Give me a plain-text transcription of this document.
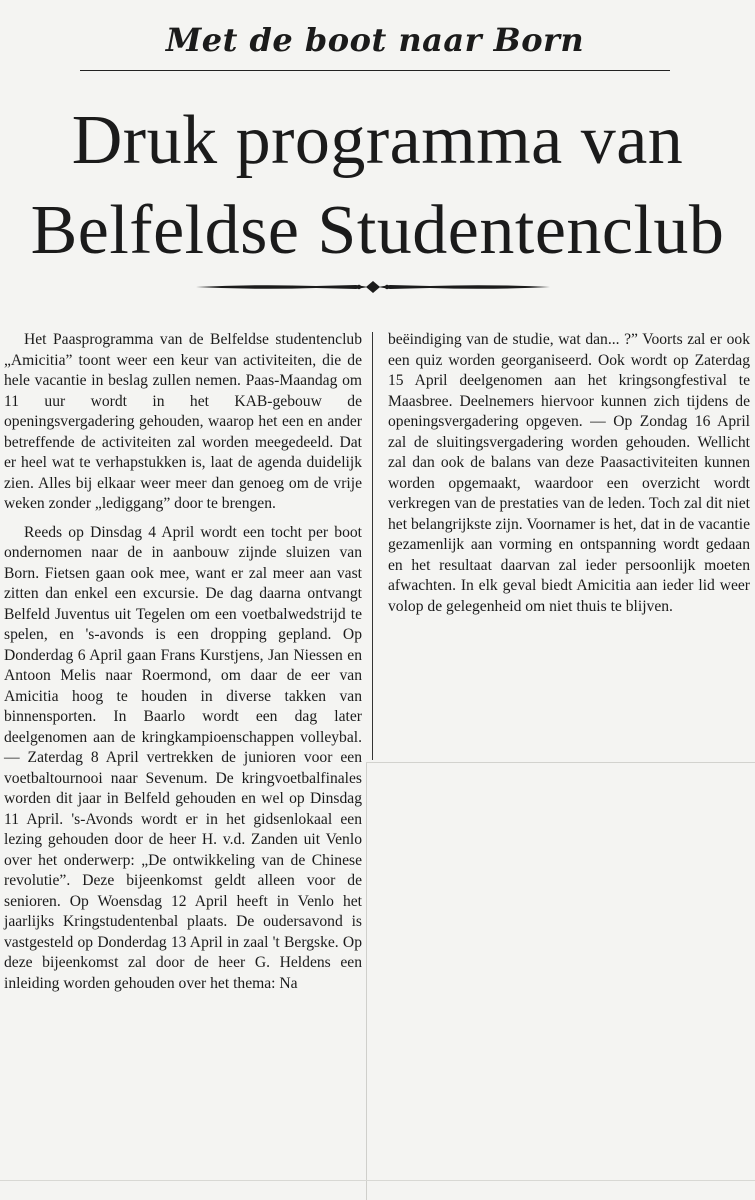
Met de boot naar Born
Druk programma van Belfeldse Studentenclub

Het Paasprogramma van de Belfeldse studentenclub „Amicitia” toont weer een keur van activiteiten, die de hele vacantie in beslag zullen nemen. Paas-Maandag om 11 uur wordt in het KAB-gebouw de openingsvergadering gehouden, waarop het een en ander betreffende de activiteiten zal worden meegedeeld. Dat er heel wat te verhapstukken is, laat de agenda duidelijk zien. Alles bij elkaar weer meer dan genoeg om de vrije weken zonder „lediggang” door te brengen.

Reeds op Dinsdag 4 April wordt een tocht per boot ondernomen naar de in aanbouw zijnde sluizen van Born. Fietsen gaan ook mee, want er zal meer aan vast zitten dan enkel een excursie. De dag daarna ontvangt Belfeld Juventus uit Tegelen om een voetbalwedstrijd te spelen, en 's-avonds is een dropping gepland. Op Donderdag 6 April gaan Frans Kurstjens, Jan Niessen en Antoon Melis naar Roermond, om daar de eer van Amicitia hoog te houden in diverse takken van binnensporten. In Baarlo wordt een dag later deelgenomen aan de kringkampioenschappen volleybal. — Zaterdag 8 April vertrekken de junioren voor een voetbaltournooi naar Sevenum. De kringvoetbalfinales worden dit jaar in Belfeld gehouden en wel op Dinsdag 11 April. 's-Avonds wordt er in het gidsenlokaal een lezing gehouden door de heer H. v.d. Zanden uit Venlo over het onderwerp: „De ontwikkeling van de Chinese revolutie”. Deze bijeenkomst geldt alleen voor de senioren. Op Woensdag 12 April heeft in Venlo het jaarlijks Kringstudentenbal plaats. De oudersavond is vastgesteld op Donderdag 13 April in zaal 't Bergske. Op deze bijeenkomst zal door de heer G. Heldens een inleiding worden gehouden over het thema: Na

beëindiging van de studie, wat dan... ?” Voorts zal er ook een quiz worden georganiseerd. Ook wordt op Zaterdag 15 April deelgenomen aan het kringsongfestival te Maasbree. Deelnemers hiervoor kunnen zich tijdens de openingsvergadering opgeven. — Op Zondag 16 April zal de sluitingsvergadering worden gehouden. Wellicht zal dan ook de balans van deze Paasactiviteiten kunnen worden opgemaakt, waardoor een overzicht wordt verkregen van de prestaties van de leden. Toch zal dit niet het belangrijkste zijn. Voornamer is het, dat in de vacantie gezamenlijk aan vorming en ontspanning wordt gedaan en het resultaat daarvan zal ieder persoonlijk moeten afwachten. In elk geval biedt Amicitia aan ieder lid weer volop de gelegenheid om niet thuis te blijven.
